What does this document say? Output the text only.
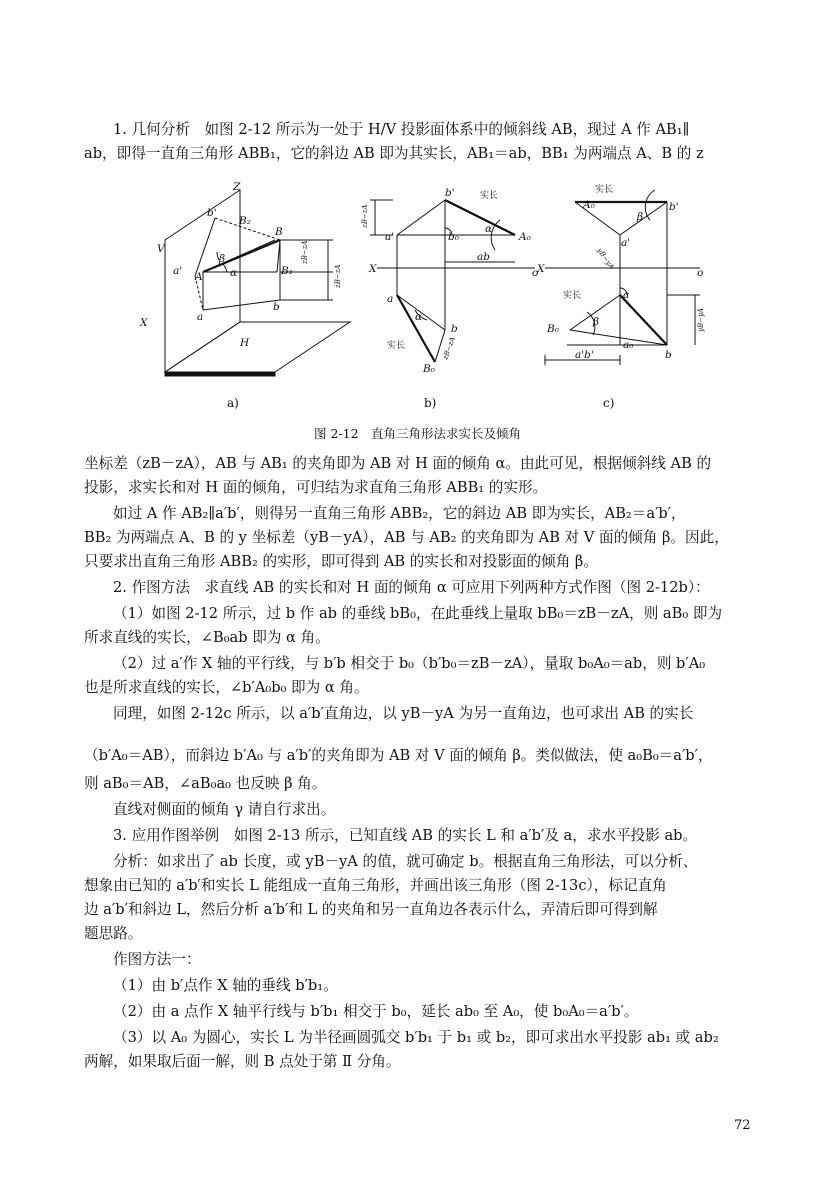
1. 几何分析　如图 2-12 所示为一处于 H/V 投影面体系中的倾斜线 AB，现过 A 作 AB₁∥

ab，即得一直角三角形 ABB₁，它的斜边 AB 即为其实长，AB₁＝ab，BB₁ 为两端点 A、B 的 z

Z
b'
B₂
B
V
a' A
β
α	B₁
X	a
b
H
zB−zA
zB−zA
b'	实长
a'	b₀
α
A₀
X
ab
o
a
α
b
实长
B₀
zB−zA
zB−zA
实长
A₀
β
b'
yB−yA
a'
X	o
实长	a
B₀
β
a₀
b
a'b'
yB−yA
a)	b)	c)
图 2-12　直角三角形法求实长及倾角

坐标差（zB－zA），AB 与 AB₁ 的夹角即为 AB 对 H 面的倾角 α。由此可见，根据倾斜线 AB 的

投影，求实长和对 H 面的倾角，可归结为求直角三角形 ABB₁ 的实形。

如过 A 作 AB₂∥a′b′，则得另一直角三角形 ABB₂，它的斜边 AB 即为实长，AB₂＝a′b′，

BB₂ 为两端点 A、B 的 y 坐标差（yB－yA），AB 与 AB₂ 的夹角即为 AB 对 V 面的倾角 β。因此，

只要求出直角三角形 ABB₂ 的实形，即可得到 AB 的实长和对投影面的倾角 β。

2. 作图方法　求直线 AB 的实长和对 H 面的倾角 α 可应用下列两种方式作图（图 2-12b）：

（1）如图 2-12 所示，过 b 作 ab 的垂线 bB₀，在此垂线上量取 bB₀＝zB－zA，则 aB₀ 即为

所求直线的实长，∠B₀ab 即为 α 角。

（2）过 a′作 X 轴的平行线，与 b′b 相交于 b₀（b′b₀＝zB－zA），量取 b₀A₀＝ab，则 b′A₀

也是所求直线的实长，∠b′A₀b₀ 即为 α 角。

同理，如图 2-12c 所示，以 a′b′直角边，以 yB－yA 为另一直角边，也可求出 AB 的实长

（b′A₀＝AB），而斜边 b′A₀ 与 a′b′的夹角即为 AB 对 V 面的倾角 β。类似做法，使 a₀B₀＝a′b′，

则 aB₀＝AB，∠aB₀a₀ 也反映 β 角。

直线对侧面的倾角 γ 请自行求出。

3. 应用作图举例　如图 2-13 所示，已知直线 AB 的实长 L 和 a′b′及 a，求水平投影 ab。

分析：如求出了 ab 长度，或 yB－yA 的值，就可确定 b。根据直角三角形法，可以分析、

想象由已知的 a′b′和实长 L 能组成一直角三角形，并画出该三角形（图 2-13c），标记直角

边 a′b′和斜边 L，然后分析 a′b′和 L 的夹角和另一直角边各表示什么，弄清后即可得到解

题思路。

作图方法一：

（1）由 b′点作 X 轴的垂线 b′b₁。

（2）由 a 点作 X 轴平行线与 b′b₁ 相交于 b₀，延长 ab₀ 至 A₀，使 b₀A₀＝a′b′。

（3）以 A₀ 为圆心，实长 L 为半径画圆弧交 b′b₁ 于 b₁ 或 b₂，即可求出水平投影 ab₁ 或 ab₂

两解，如果取后面一解，则 B 点处于第 Ⅱ 分角。

72
